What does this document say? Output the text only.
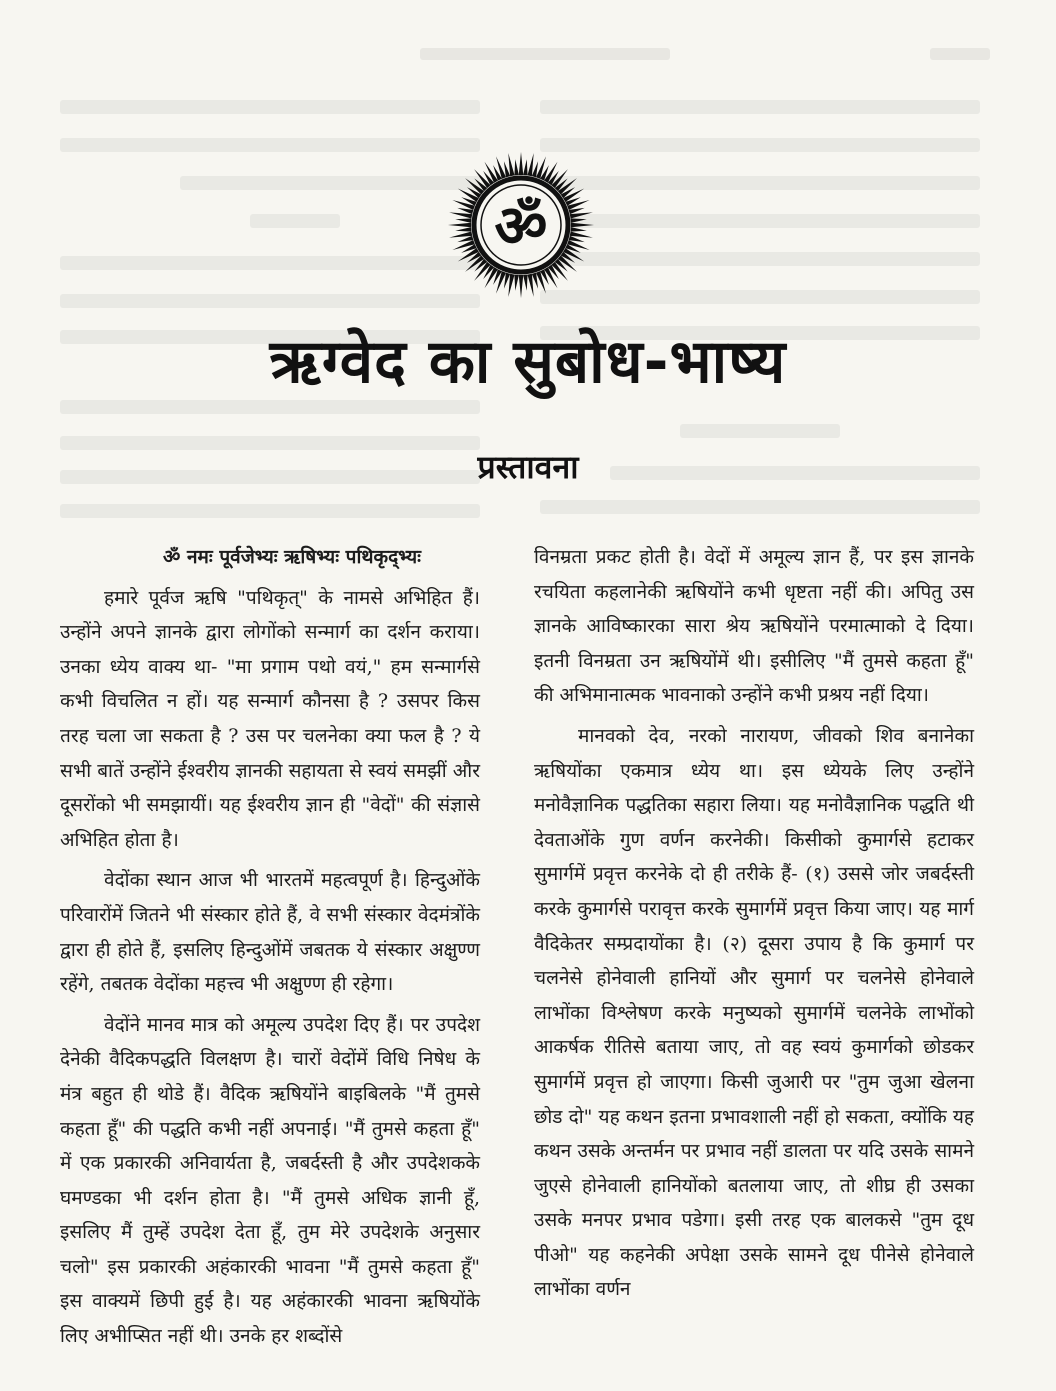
ॐ
ऋग्वेद का सुबोध-भाष्य
प्रस्तावना

ॐ नमः पूर्वजेभ्यः ऋषिभ्यः पथिकृद्भ्यः

हमारे पूर्वज ऋषि "पथिकृत्" के नामसे अभिहित हैं। उन्होंने अपने ज्ञानके द्वारा लोगोंको सन्मार्ग का दर्शन कराया। उनका ध्येय वाक्य था- "मा प्रगाम पथो वयं," हम सन्मार्गसे कभी विचलित न हों। यह सन्मार्ग कौनसा है ? उसपर किस तरह चला जा सकता है ? उस पर चलनेका क्या फल है ? ये सभी बातें उन्होंने ईश्वरीय ज्ञानकी सहायता से स्वयं समझीं और दूसरोंको भी समझायीं। यह ईश्वरीय ज्ञान ही "वेदों" की संज्ञासे अभिहित होता है।

वेदोंका स्थान आज भी भारतमें महत्वपूर्ण है। हिन्दुओंके परिवारोंमें जितने भी संस्कार होते हैं, वे सभी संस्कार वेदमंत्रोंके द्वारा ही होते हैं, इसलिए हिन्दुओंमें जबतक ये संस्कार अक्षुण्ण रहेंगे, तबतक वेदोंका महत्त्व भी अक्षुण्ण ही रहेगा।

वेदोंने मानव मात्र को अमूल्य उपदेश दिए हैं। पर उपदेश देनेकी वैदिकपद्धति विलक्षण है। चारों वेदोंमें विधि निषेध के मंत्र बहुत ही थोडे हैं। वैदिक ऋषियोंने बाइबिलके "मैं तुमसे कहता हूँ" की पद्धति कभी नहीं अपनाई। "मैं तुमसे कहता हूँ" में एक प्रकारकी अनिवार्यता है, जबर्दस्ती है और उपदेशकके घमण्डका भी दर्शन होता है। "मैं तुमसे अधिक ज्ञानी हूँ, इसलिए मैं तुम्हें उपदेश देता हूँ, तुम मेरे उपदेशके अनुसार चलो" इस प्रकारकी अहंकारकी भावना "मैं तुमसे कहता हूँ" इस वाक्यमें छिपी हुई है। यह अहंकारकी भावना ऋषियोंके लिए अभीप्सित नहीं थी। उनके हर शब्दोंसे

विनम्रता प्रकट होती है। वेदों में अमूल्य ज्ञान हैं, पर इस ज्ञानके रचयिता कहलानेकी ऋषियोंने कभी धृष्टता नहीं की। अपितु उस ज्ञानके आविष्कारका सारा श्रेय ऋषियोंने परमात्माको दे दिया। इतनी विनम्रता उन ऋषियोंमें थी। इसीलिए "मैं तुमसे कहता हूँ" की अभिमानात्मक भावनाको उन्होंने कभी प्रश्रय नहीं दिया।

मानवको देव, नरको नारायण, जीवको शिव बनानेका ऋषियोंका एकमात्र ध्येय था। इस ध्येयके लिए उन्होंने मनोवैज्ञानिक पद्धतिका सहारा लिया। यह मनोवैज्ञानिक पद्धति थी देवताओंके गुण वर्णन करनेकी। किसीको कुमार्गसे हटाकर सुमार्गमें प्रवृत्त करनेके दो ही तरीके हैं- (१) उससे जोर जबर्दस्ती करके कुमार्गसे परावृत्त करके सुमार्गमें प्रवृत्त किया जाए। यह मार्ग वैदिकेतर सम्प्रदायोंका है। (२) दूसरा उपाय है कि कुमार्ग पर चलनेसे होनेवाली हानियों और सुमार्ग पर चलनेसे होनेवाले लाभोंका विश्लेषण करके मनुष्यको सुमार्गमें चलनेके लाभोंको आकर्षक रीतिसे बताया जाए, तो वह स्वयं कुमार्गको छोडकर सुमार्गमें प्रवृत्त हो जाएगा। किसी जुआरी पर "तुम जुआ खेलना छोड दो" यह कथन इतना प्रभावशाली नहीं हो सकता, क्योंकि यह कथन उसके अन्तर्मन पर प्रभाव नहीं डालता पर यदि उसके सामने जुएसे होनेवाली हानियोंको बतलाया जाए, तो शीघ्र ही उसका उसके मनपर प्रभाव पडेगा। इसी तरह एक बालकसे "तुम दूध पीओ" यह कहनेकी अपेक्षा उसके सामने दूध पीनेसे होनेवाले लाभोंका वर्णन
